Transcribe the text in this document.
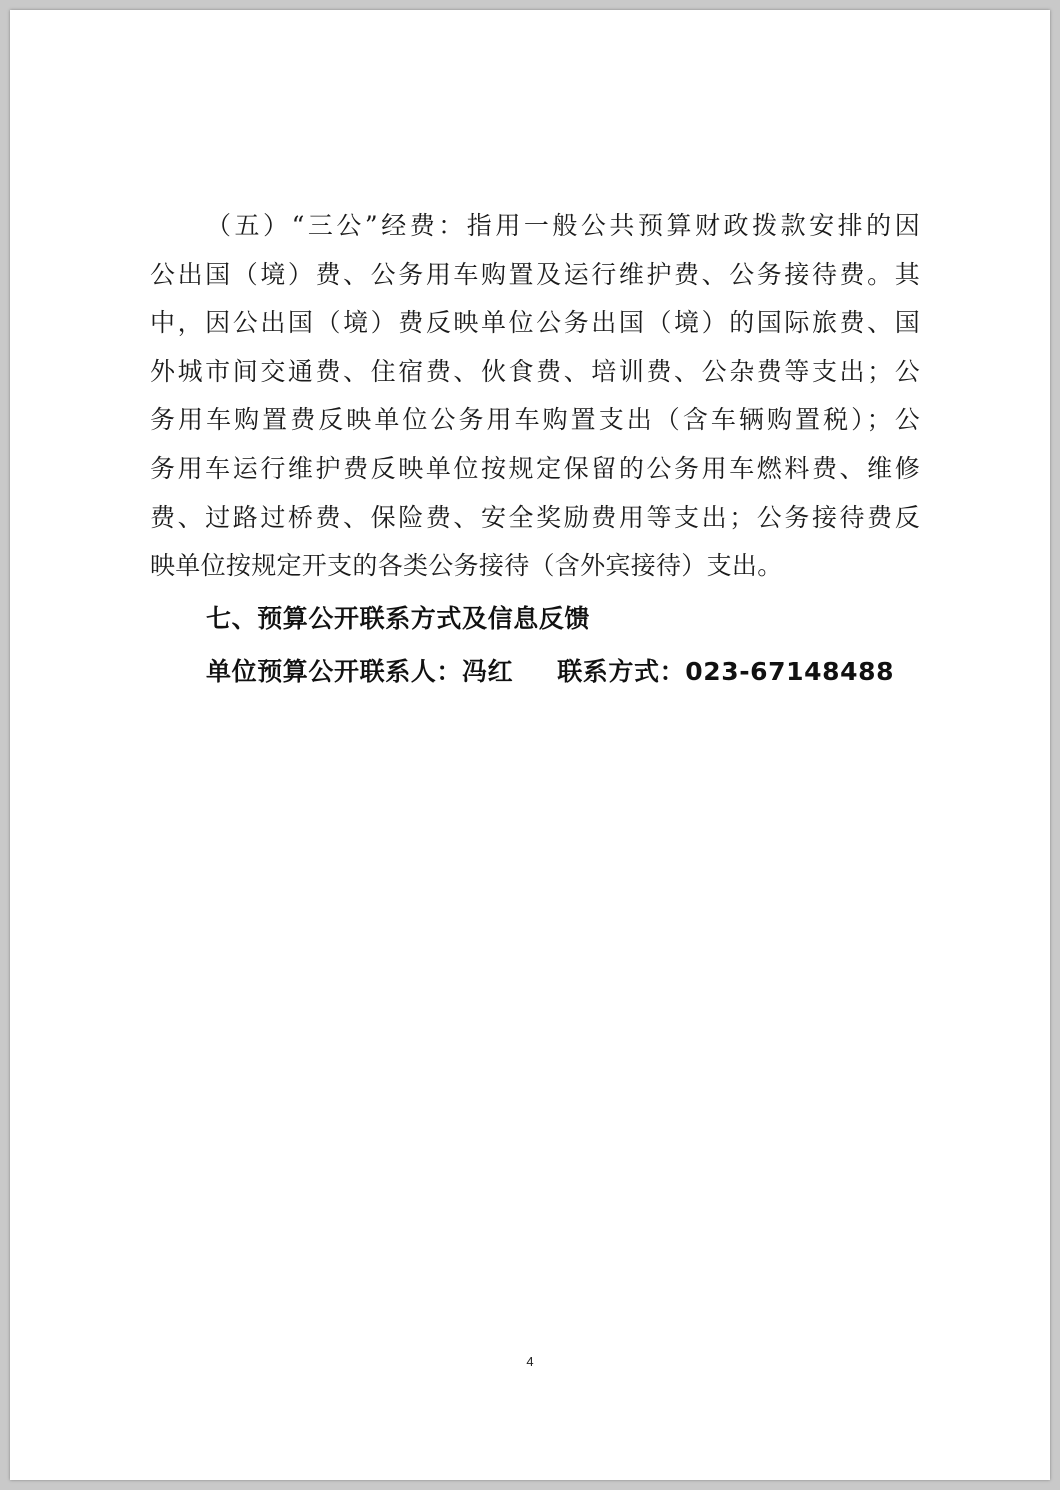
（五）“三公”经费：指用一般公共预算财政拨款安排的因
公出国（境）费、公务用车购置及运行维护费、公务接待费。其
中，因公出国（境）费反映单位公务出国（境）的国际旅费、国
外城市间交通费、住宿费、伙食费、培训费、公杂费等支出；公
务用车购置费反映单位公务用车购置支出（含车辆购置税）；公
务用车运行维护费反映单位按规定保留的公务用车燃料费、维修
费、过路过桥费、保险费、安全奖励费用等支出；公务接待费反
映单位按规定开支的各类公务接待（含外宾接待）支出。
七、预算公开联系方式及信息反馈
单位预算公开联系人：冯红 联系方式：023-67148488
4
